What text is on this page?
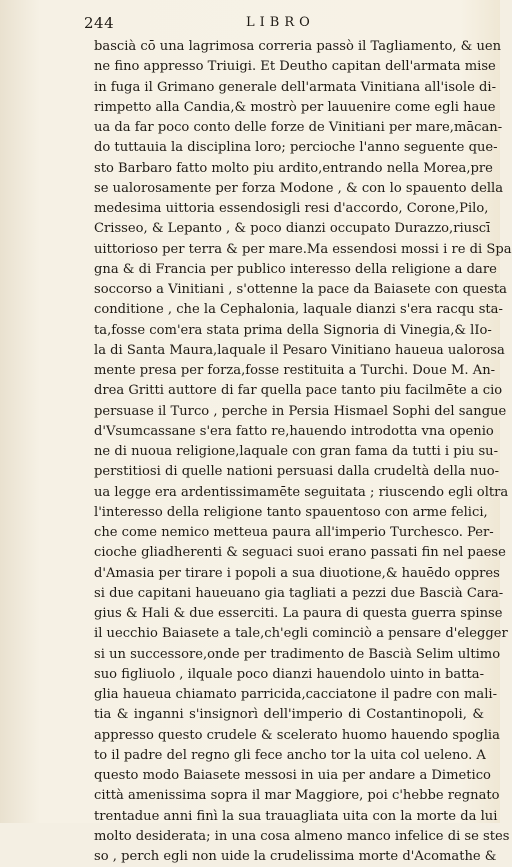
244	LIBRO
bascià cō una lagrimosa correria passò il Tagliamento, & uen
ne fino appresso Triuigi. Et Deutho capitan dell'armata mise
in fuga il Grimano generale dell'armata Vinitiana all'isole di-
rimpetto alla Candia,& mostrò per lauuenire come egli haue
ua da far poco conto delle forze de Vinitiani per mare,mācan-
do tuttauia la disciplina loro; percioche l'anno seguente que-
sto Barbaro fatto molto piu ardito,entrando nella Morea,pre
se ualorosamente per forza Modone , & con lo spauento della
medesima uittoria essendosigli resi d'accordo, Corone,Pilo,
Crisseo, & Lepanto , & poco dianzi occupato Durazzo,riuscī
uittorioso per terra & per mare.Ma essendosi mossi i re di Spa
gna & di Francia per publico interesso della religione a dare
soccorso a Vinitiani , s'ottenne la pace da Baiasete con questa
conditione , che la Cephalonia, laquale dianzi s'era racqu sta-
ta,fosse com'era stata prima della Signoria di Vinegia,& lIo-
la di Santa Maura,laquale il Pesaro Vinitiano haueua ualorosa
mente presa per forza,fosse restituita a Turchi. Doue M. An-
drea Gritti auttore di far quella pace tanto piu facilmēte a cio
persuase il Turco , perche in Persia Hismael Sophi del sangue
d'Vsumcassane s'era fatto re,hauendo introdotta vna openio
ne di nuoua religione,laquale con gran fama da tutti i piu su-
perstitiosi di quelle nationi persuasi dalla crudeltà della nuo-
ua legge era ardentissimamēte seguitata ; riuscendo egli oltra
l'interesso della religione tanto spauentoso con arme felici,
che come nemico metteua paura all'imperio Turchesco. Per-
cioche gliadherenti & seguaci suoi erano passati fin nel paese
d'Amasia per tirare i popoli a sua diuotione,& hauēdo oppres
si due capitani haueuano gia tagliati a pezzi due Bascià Cara-
gius & Hali & due esserciti. La paura di questa guerra spinse
il uecchio Baiasete a tale,ch'egli cominciò a pensare d'elegger
si un successore,onde per tradimento de Bascià Selim ultimo
suo figliuolo , ilquale poco dianzi hauendolo uinto in batta-
glia haueua chiamato parricida,cacciatone il padre con mali-
tia & inganni s'insignorì dell'imperio di Costantinopoli, &
appresso questo crudele & scelerato huomo hauendo spoglia
to il padre del regno gli fece ancho tor la uita col ueleno. A
questo modo Baiasete messosi in uia per andare a Dimetico
città amenissima sopra il mar Maggiore, poi c'hebbe regnato
trentadue anni finì la sua trauagliata uita con la morte da lui
molto desiderata; in una cosa almeno manco infelice di se stes
so , perch egli non uide la crudelissima morte d'Acomathe &
